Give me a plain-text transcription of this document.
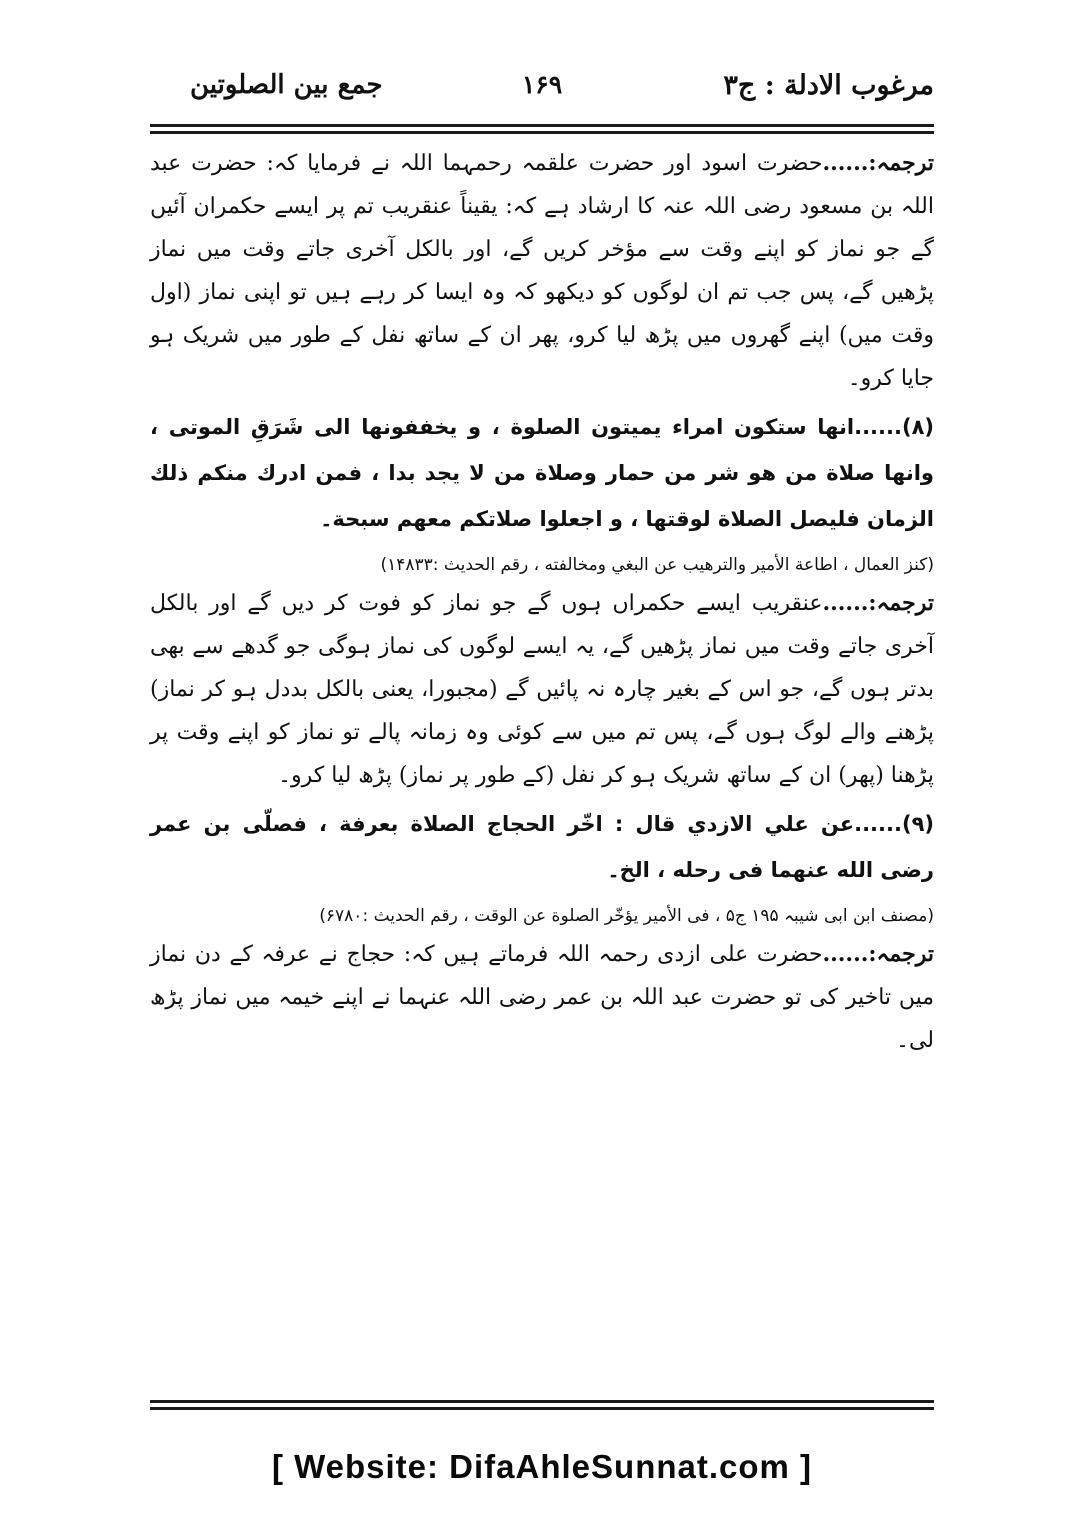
مرغوب الادلة : ج۳
۱۶۹
جمع بین الصلوتین

ترجمہ:......حضرت اسود اور حضرت علقمہ رحمہما اللہ نے فرمایا کہ: حضرت عبد اللہ بن مسعود رضی اللہ عنہ کا ارشاد ہے کہ: یقیناً عنقریب تم پر ایسے حکمران آئیں گے جو نماز کو اپنے وقت سے مؤخر کریں گے، اور بالکل آخری جاتے وقت میں نماز پڑھیں گے، پس جب تم ان لوگوں کو دیکھو کہ وہ ایسا کر رہے ہیں تو اپنی نماز (اول وقت میں) اپنے گھروں میں پڑھ لیا کرو، پھر ان کے ساتھ نفل کے طور میں شریک ہو جایا کرو۔

(۸)......انها ستكون امراء يميتون الصلوة ، و يخففونها الى شَرَقِ الموتى ، وانها صلاة من هو شر من حمار وصلاة من لا يجد بدا ، فمن ادرك منكم ذلك الزمان فليصل الصلاة لوقتها ، و اجعلوا صلاتكم معهم سبحة۔

(كنز العمال ، اطاعة الأمير والترهيب عن البغي ومخالفته ، رقم الحديث :۱۴۸۳۳)

ترجمہ:......عنقریب ایسے حکمراں ہوں گے جو نماز کو فوت کر دیں گے اور بالکل آخری جاتے وقت میں نماز پڑھیں گے، یہ ایسے لوگوں کی نماز ہوگی جو گدھے سے بھی بدتر ہوں گے، جو اس کے بغیر چارہ نہ پائیں گے (مجبورا، یعنی بالکل بددل ہو کر نماز) پڑھنے والے لوگ ہوں گے، پس تم میں سے کوئی وہ زمانہ پالے تو نماز کو اپنے وقت پر پڑھنا (پھر) ان کے ساتھ شریک ہو کر نفل (کے طور پر نماز) پڑھ لیا کرو۔

(۹)......عن علي الازدي قال : اخّر الحجاج الصلاة بعرفة ، فصلّى بن عمر رضى الله عنهما فى رحله ، الخ۔

(مصنف ابن ابی شیبہ ۱۹۵ ج۵ ، فى الأمير يؤخّر الصلوة عن الوقت ، رقم الحديث :۶۷۸۰)

ترجمہ:......حضرت علی ازدی رحمہ اللہ فرماتے ہیں کہ: حجاج نے عرفہ کے دن نماز میں تاخیر کی تو حضرت عبد اللہ بن عمر رضی اللہ عنہما نے اپنے خیمہ میں نماز پڑھ لی۔

[ Website: DifaAhleSunnat.com ]
